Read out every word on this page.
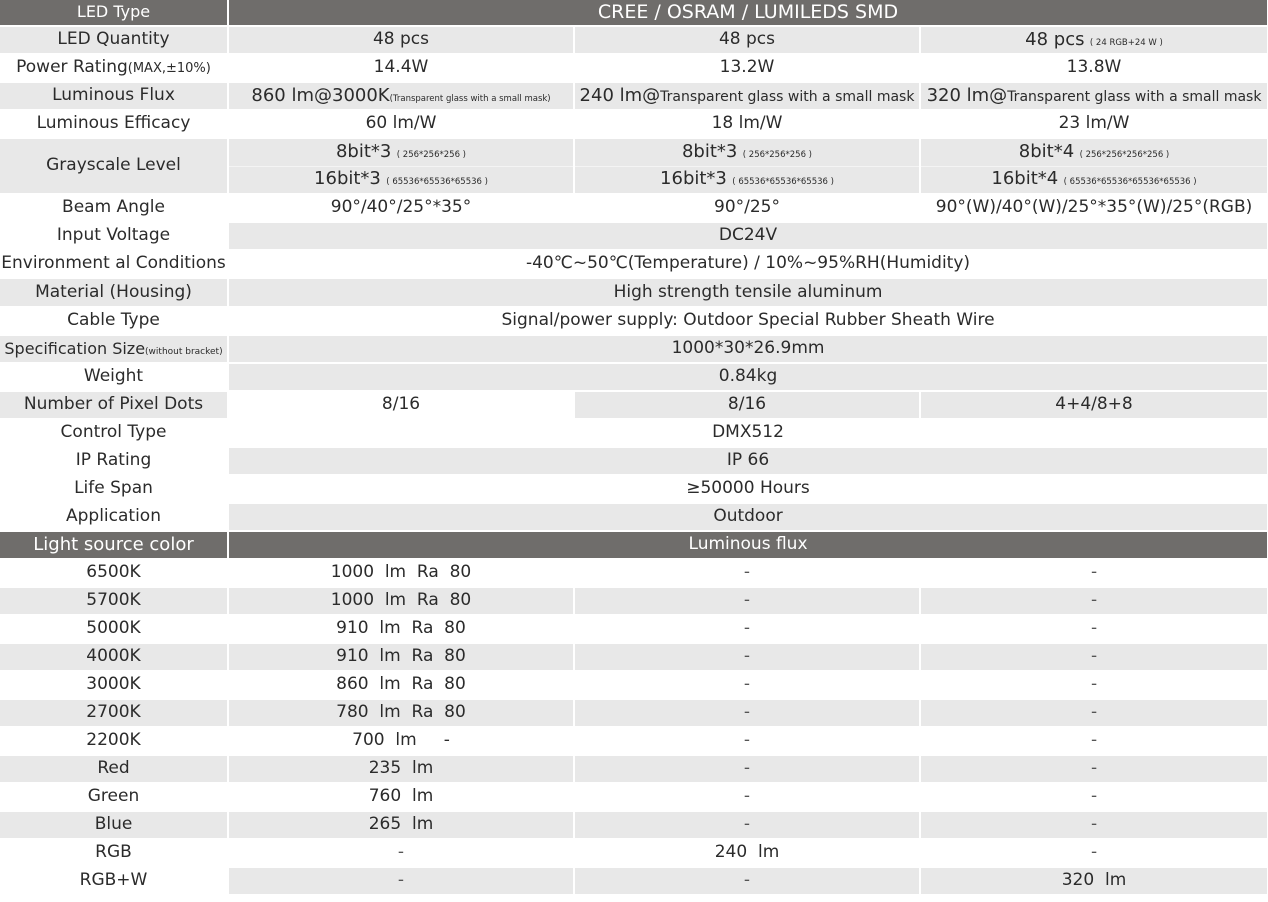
LED Type	CREE / OSRAM / LUMILEDS SMD		
LED Quantity	48 pcs	48 pcs	48 pcs ( 24 RGB+24 W )
Power Rating(MAX,±10%)	14.4W	13.2W	13.8W
Luminous Flux	860 lm@3000K(Transparent glass with a small mask)	240 lm@Transparent glass with a small mask	320 lm@Transparent glass with a small mask
Luminous Efficacy	60 lm/W	18 lm/W	23 lm/W
Grayscale Level	8bit*3 ( 256*256*256 )	8bit*3 ( 256*256*256 )	8bit*4 ( 256*256*256*256 )
	16bit*3 ( 65536*65536*65536 )	16bit*3 ( 65536*65536*65536 )	16bit*4 ( 65536*65536*65536*65536 )
Beam Angle	90°/40°/25°*35°	90°/25°	90°(W)/40°(W)/25°*35°(W)/25°(RGB)
Input Voltage	DC24V		
Environment al Conditions	-40℃~50℃(Temperature) / 10%~95%RH(Humidity)		
Material (Housing)	High strength tensile aluminum		
Cable Type	Signal/power supply: Outdoor Special Rubber Sheath Wire		
Specification Size(without bracket)	1000*30*26.9mm		
Weight	0.84kg		
Number of Pixel Dots	8/16	8/16	4+4/8+8
Control Type	DMX512		
IP Rating	IP 66		
Life Span	≥50000 Hours		
Application	Outdoor		
Light source color	Luminous flux		
6500K	1000  lm  Ra  80	-	-
5700K	1000  lm  Ra  80	-	-
5000K	910  lm  Ra  80	-	-
4000K	910  lm  Ra  80	-	-
3000K	860  lm  Ra  80	-	-
2700K	780  lm  Ra  80	-	-
2200K	700  lm     -	-	-
Red	235  lm	-	-
Green	760  lm	-	-
Blue	265  lm	-	-
RGB	-	240  lm	-
RGB+W	-	-	320  lm
